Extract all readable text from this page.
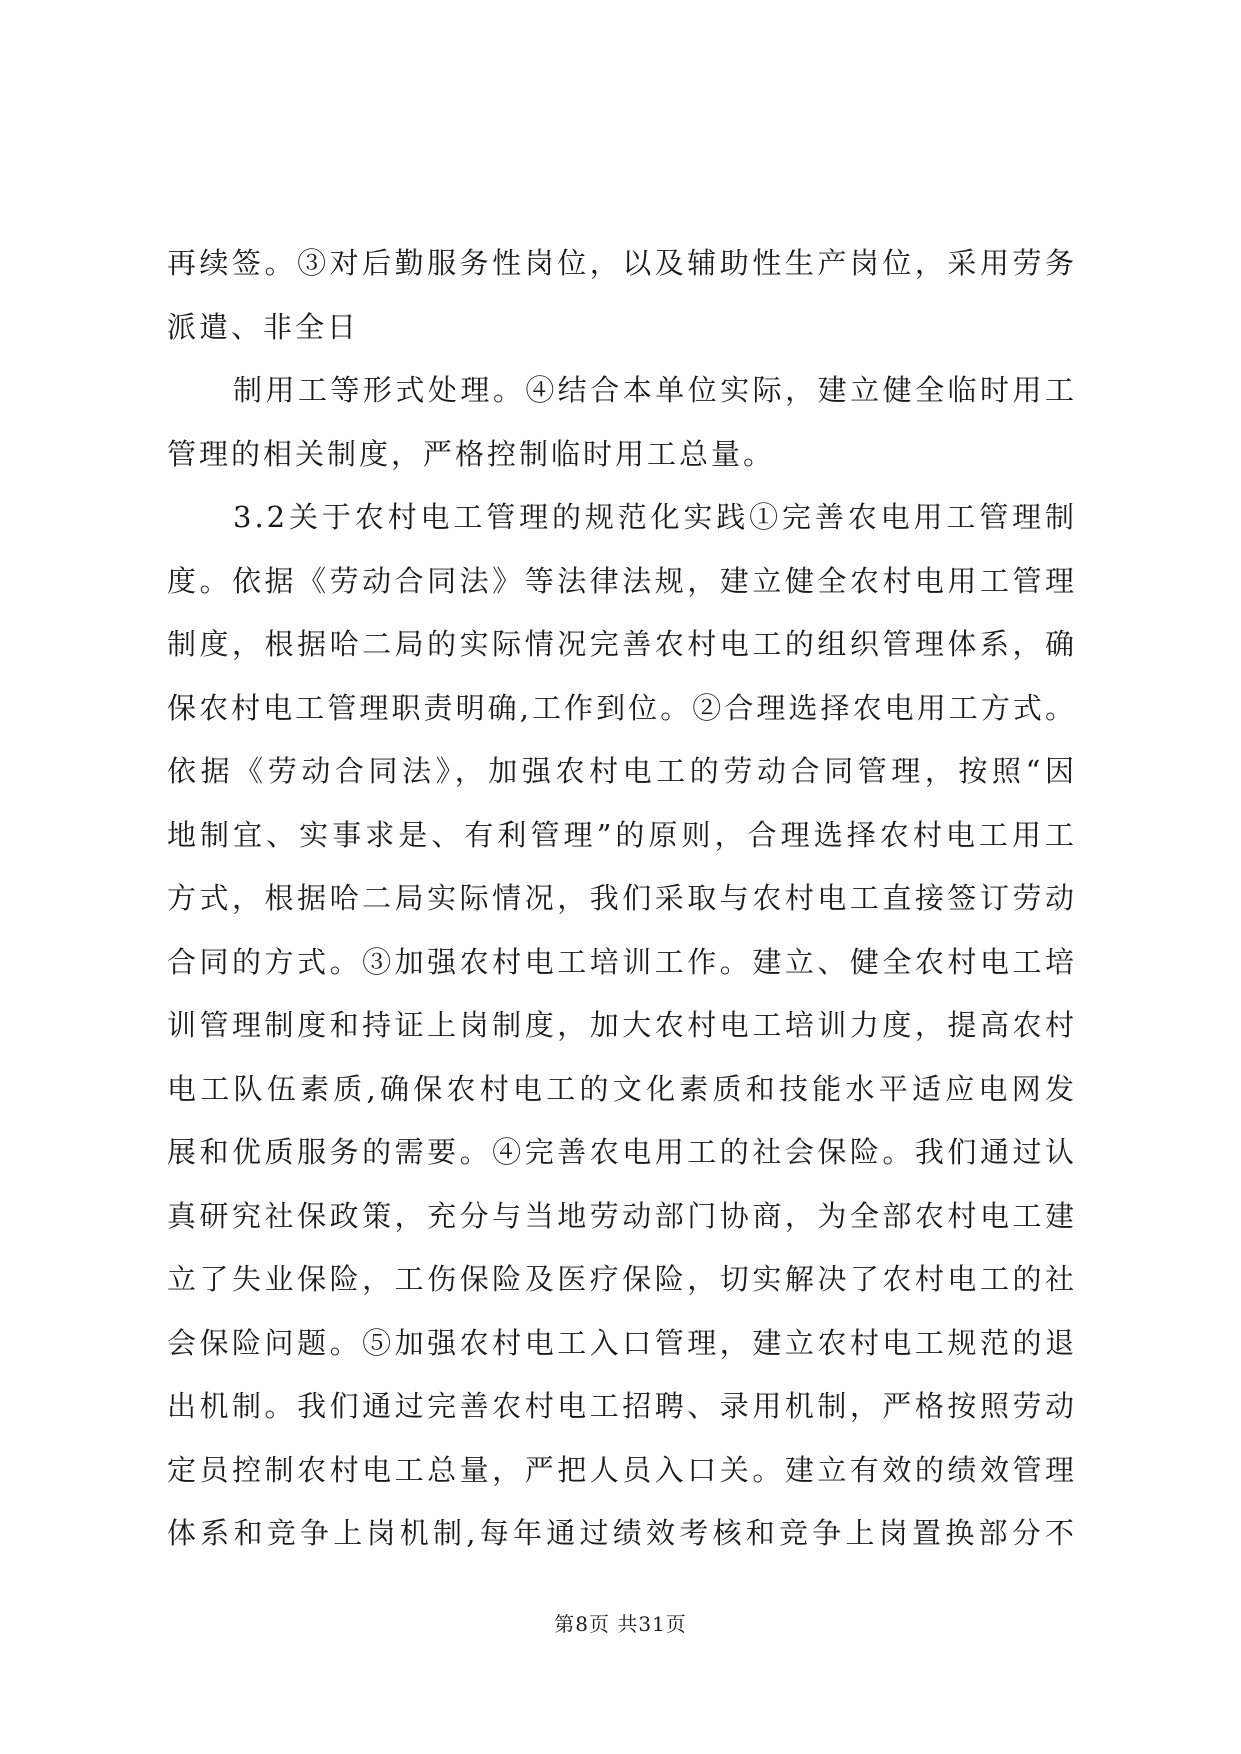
再续签。③对后勤服务性岗位，以及辅助性生产岗位，采用劳务
派遣、非全日
制用工等形式处理。④结合本单位实际，建立健全临时用工
管理的相关制度，严格控制临时用工总量。
3.2关于农村电工管理的规范化实践①完善农电用工管理制
度。依据《劳动合同法》等法律法规，建立健全农村电用工管理
制度，根据哈二局的实际情况完善农村电工的组织管理体系，确
保农村电工管理职责明确,工作到位。②合理选择农电用工方式。
依据《劳动合同法》，加强农村电工的劳动合同管理，按照“因
地制宜、实事求是、有利管理”的原则，合理选择农村电工用工
方式，根据哈二局实际情况，我们采取与农村电工直接签订劳动
合同的方式。③加强农村电工培训工作。建立、健全农村电工培
训管理制度和持证上岗制度，加大农村电工培训力度，提高农村
电工队伍素质,确保农村电工的文化素质和技能水平适应电网发
展和优质服务的需要。④完善农电用工的社会保险。我们通过认
真研究社保政策，充分与当地劳动部门协商，为全部农村电工建
立了失业保险，工伤保险及医疗保险，切实解决了农村电工的社
会保险问题。⑤加强农村电工入口管理，建立农村电工规范的退
出机制。我们通过完善农村电工招聘、录用机制，严格按照劳动
定员控制农村电工总量，严把人员入口关。建立有效的绩效管理
体系和竞争上岗机制,每年通过绩效考核和竞争上岗置换部分不
第8页 共31页
